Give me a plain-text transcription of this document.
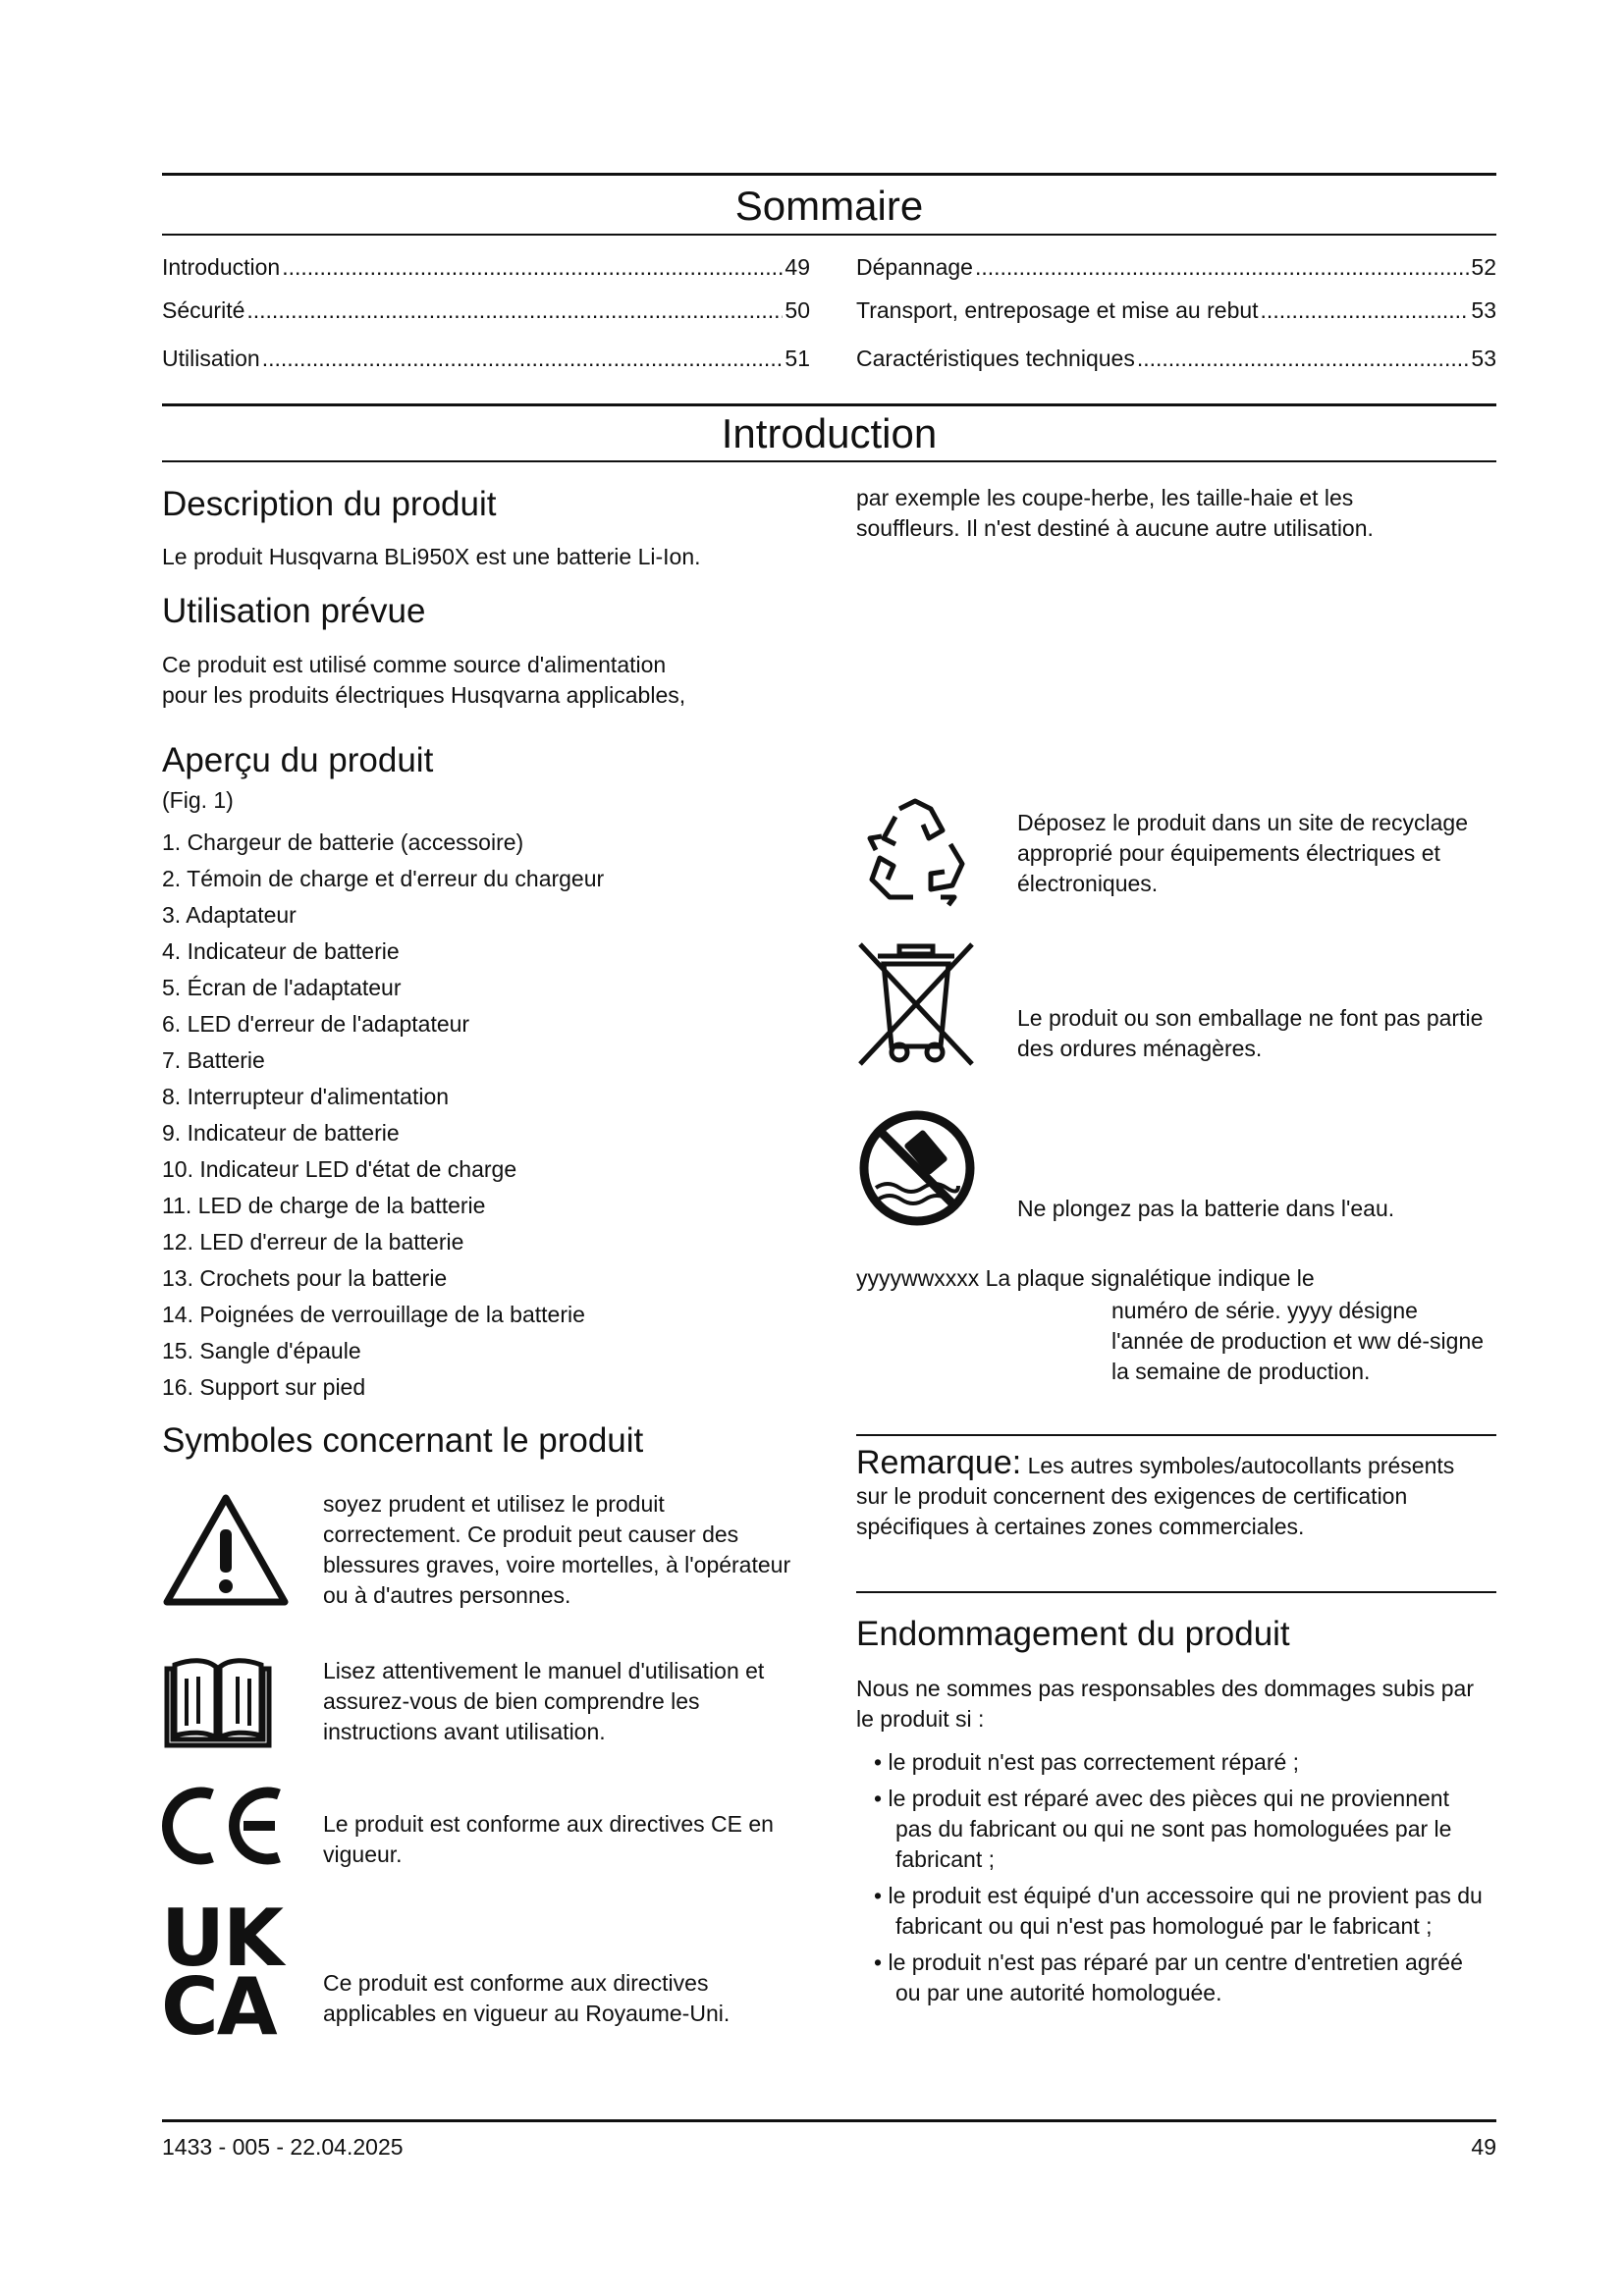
Sommaire
Introduction .....	49
Sécurité .....	50
Utilisation .....	51
Dépannage .....	52
Transport, entreposage et mise au rebut .....	53
Caractéristiques techniques .....	53
Introduction
Description du produit

Le produit Husqvarna BLi950X est une batterie Li-Ion.

Utilisation prévue

Ce produit est utilisé comme source d'alimentation

pour les produits électriques Husqvarna applicables,

par exemple les coupe-herbe, les taille-haie et les

souffleurs. Il n'est destiné à aucune autre utilisation.

Aperçu du produit

(Fig. 1)

1. Chargeur de batterie (accessoire)
2. Témoin de charge et d'erreur du chargeur
3. Adaptateur
4. Indicateur de batterie
5. Écran de l'adaptateur
6. LED d'erreur de l'adaptateur
7. Batterie
8. Interrupteur d'alimentation
9. Indicateur de batterie
10. Indicateur LED d'état de charge
11. LED de charge de la batterie
12. LED d'erreur de la batterie
13. Crochets pour la batterie
14. Poignées de verrouillage de la batterie
15. Sangle d'épaule
16. Support sur pied
Symboles concernant le produit
soyez prudent et utilisez le produit correctement. Ce produit peut causer des blessures graves, voire mortelles, à l'opérateur ou à d'autres personnes.
Lisez attentivement le manuel d'utilisation et assurez-vous de bien comprendre les instructions avant utilisation.
Le produit est conforme aux directives CE en vigueur.
UK
CA	Ce produit est conforme aux directives applicables en vigueur au Royaume-Uni.
Déposez le produit dans un site de recyclage approprié pour équipements électriques et électroniques.
Le produit ou son emballage ne font pas partie des ordures ménagères.
Ne plongez pas la batterie dans l'eau.
yyyywwxxxx La plaque signalétique indique le
numéro de série. yyyy désigne l'année de production et ww dé-signe la semaine de production.
Remarque: Les autres symboles/autocollants présents sur le produit concernent des exigences de certification spécifiques à certaines zones commerciales.
Endommagement du produit

Nous ne sommes pas responsables des dommages subis par le produit si :

• le produit n'est pas correctement réparé ;
• le produit est réparé avec des pièces qui ne proviennent pas du fabricant ou qui ne sont pas homologuées par le fabricant ;
• le produit est équipé d'un accessoire qui ne provient pas du fabricant ou qui n'est pas homologué par le fabricant ;
• le produit n'est pas réparé par un centre d'entretien agréé ou par une autorité homologuée.
1433 - 005 - 22.04.2025	49
